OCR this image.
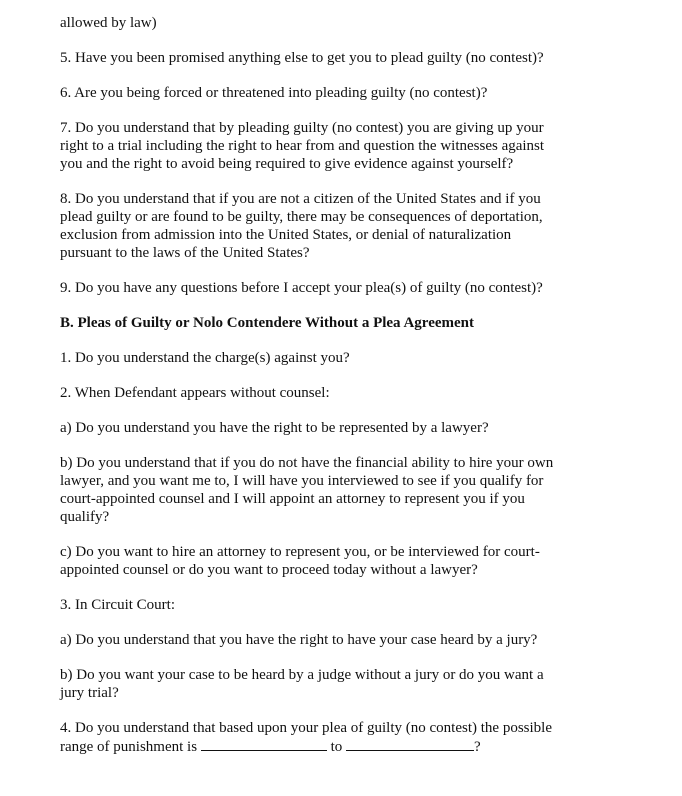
allowed by law)

5. Have you been promised anything else to get you to plead guilty (no contest)?

6. Are you being forced or threatened into pleading guilty (no contest)?

7. Do you understand that by pleading guilty (no contest) you are giving up your
right to a trial including the right to hear from and question the witnesses against
you and the right to avoid being required to give evidence against yourself?

8. Do you understand that if you are not a citizen of the United States and if you
plead guilty or are found to be guilty, there may be consequences of deportation,
exclusion from admission into the United States, or denial of naturalization
pursuant to the laws of the United States?

9. Do you have any questions before I accept your plea(s) of guilty (no contest)?

B. Pleas of Guilty or Nolo Contendere Without a Plea Agreement

1. Do you understand the charge(s) against you?

2. When Defendant appears without counsel:

a) Do you understand you have the right to be represented by a lawyer?

b) Do you understand that if you do not have the financial ability to hire your own
lawyer, and you want me to, I will have you interviewed to see if you qualify for
court-appointed counsel and I will appoint an attorney to represent you if you
qualify?

c) Do you want to hire an attorney to represent you, or be interviewed for court-
appointed counsel or do you want to proceed today without a lawyer?

3. In Circuit Court:

a) Do you understand that you have the right to have your case heard by a jury?

b) Do you want your case to be heard by a judge without a jury or do you want a
jury trial?

4. Do you understand that based upon your plea of guilty (no contest) the possible
range of punishment is	to	?
